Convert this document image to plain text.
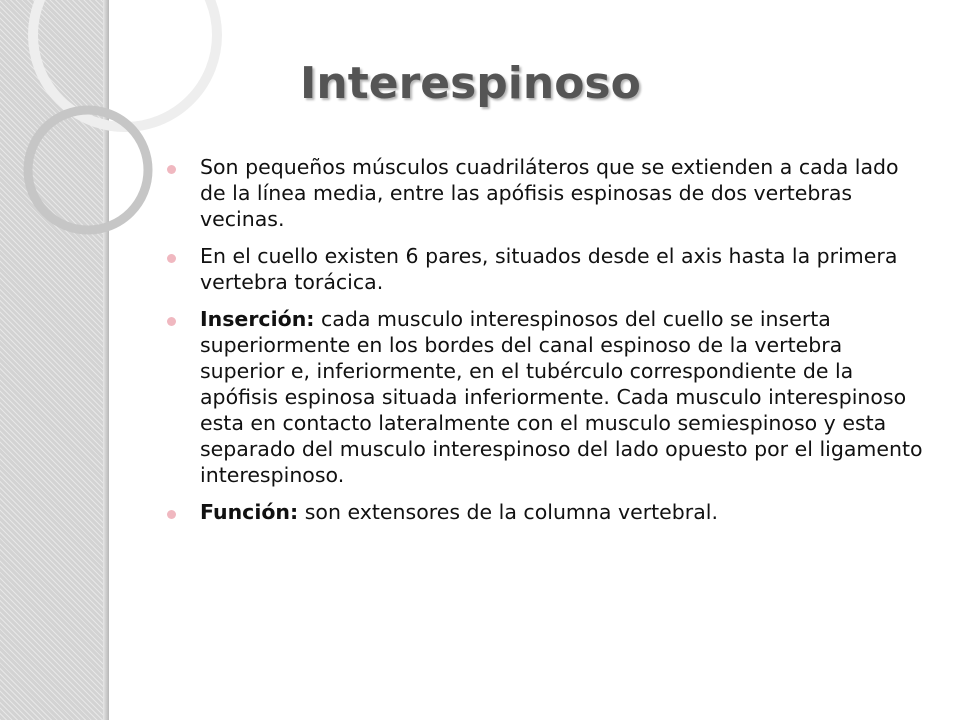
Interespinoso
Son pequeños músculos cuadriláteros que se extienden a cada lado de la línea media, entre las apófisis espinosas de dos vertebras vecinas.
En el cuello existen 6 pares, situados desde el axis hasta la primera vertebra torácica.
Inserción: cada musculo interespinosos del cuello se inserta superiormente en los bordes del canal espinoso de la vertebra superior e, inferiormente, en el tubérculo correspondiente de la apófisis espinosa situada inferiormente. Cada musculo interespinoso esta en contacto lateralmente con el musculo semiespinoso y esta separado del musculo interespinoso del lado opuesto por el ligamento interespinoso.
Función: son extensores de la columna vertebral.
